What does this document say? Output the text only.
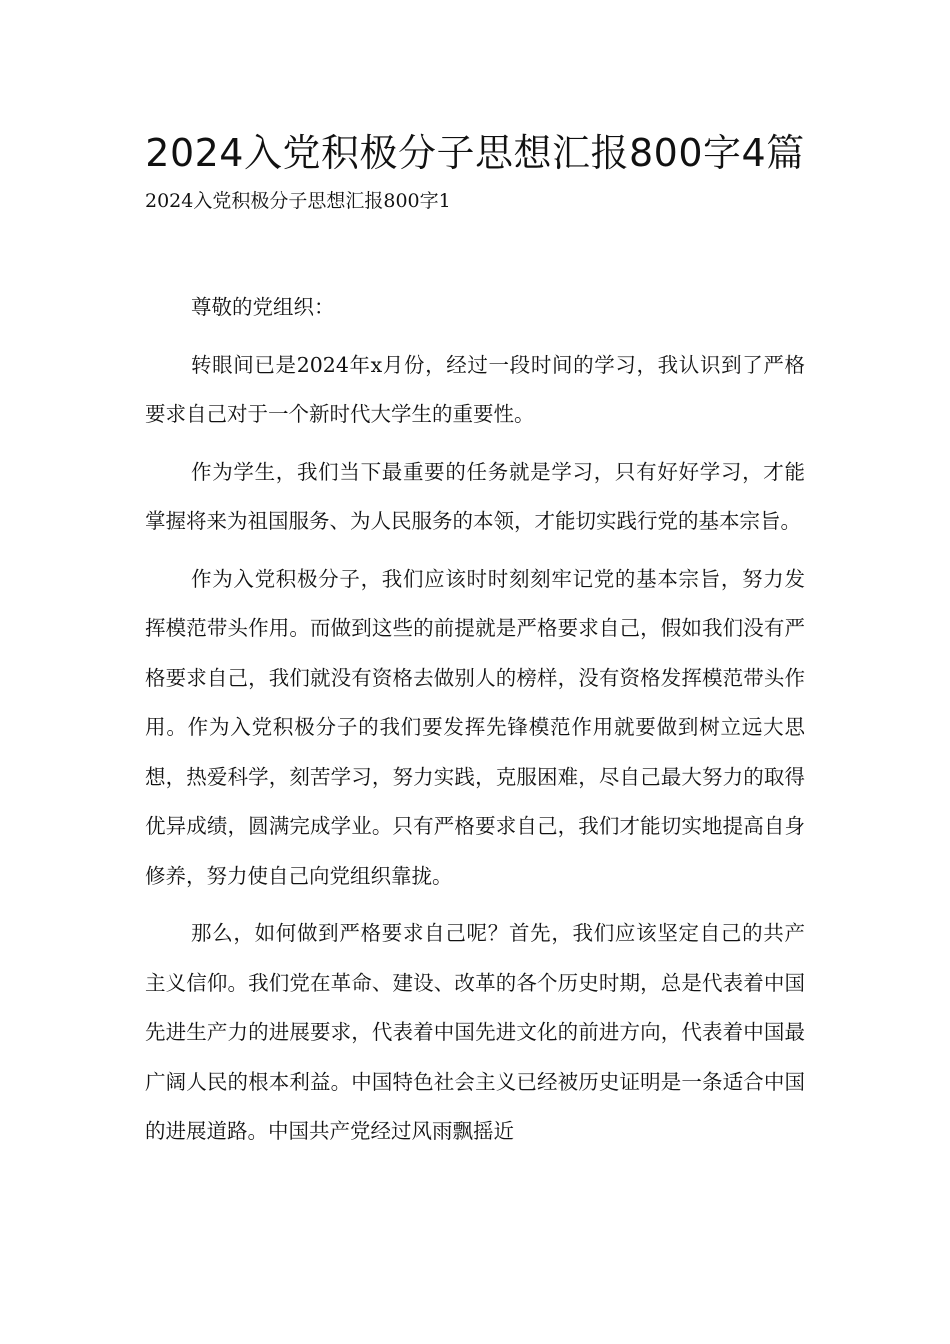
2024入党积极分子思想汇报800字4篇

2024入党积极分子思想汇报800字1

尊敬的党组织：

转眼间已是2024年x月份，经过一段时间的学习，我认识到了严格要求自己对于一个新时代大学生的重要性。

作为学生，我们当下最重要的任务就是学习，只有好好学习，才能掌握将来为祖国服务、为人民服务的本领，才能切实践行党的基本宗旨。

作为入党积极分子，我们应该时时刻刻牢记党的基本宗旨，努力发挥模范带头作用。而做到这些的前提就是严格要求自己，假如我们没有严格要求自己，我们就没有资格去做别人的榜样，没有资格发挥模范带头作用。作为入党积极分子的我们要发挥先锋模范作用就要做到树立远大思想，热爱科学，刻苦学习，努力实践，克服困难，尽自己最大努力的取得优异成绩，圆满完成学业。只有严格要求自己，我们才能切实地提高自身修养，努力使自己向党组织靠拢。

那么，如何做到严格要求自己呢？首先，我们应该坚定自己的共产主义信仰。我们党在革命、建设、改革的各个历史时期，总是代表着中国先进生产力的进展要求，代表着中国先进文化的前进方向，代表着中国最广阔人民的根本利益。中国特色社会主义已经被历史证明是一条适合中国的进展道路。中国共产党经过风雨飘摇近
